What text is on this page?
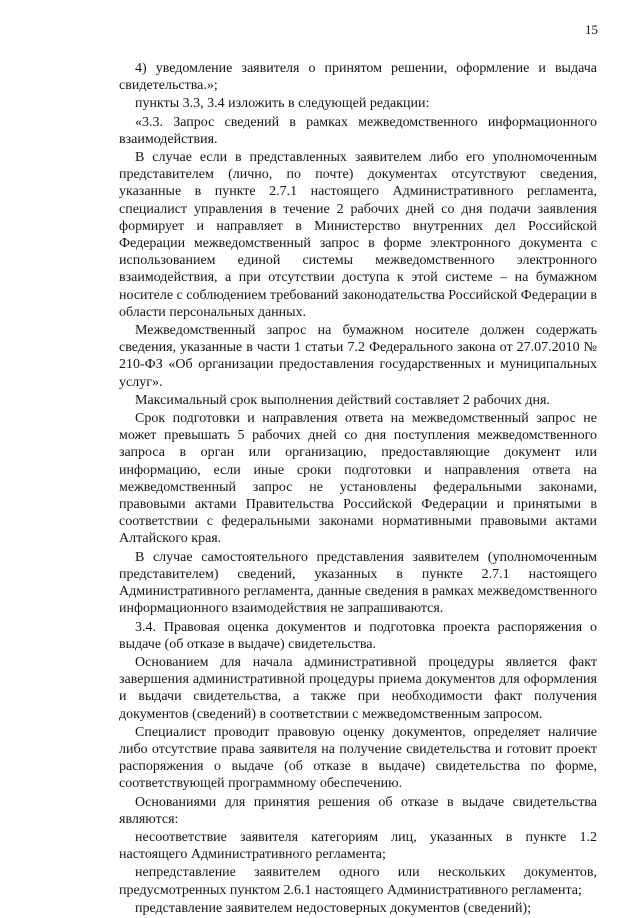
15

4) уведомление заявителя о принятом решении, оформление и выдача свидетельства.»;

пункты 3.3, 3.4 изложить в следующей редакции:

«3.3. Запрос сведений в рамках межведомственного информационного взаимодействия.

В случае если в представленных заявителем либо его уполномоченным представителем (лично, по почте) документах отсутствуют сведения, указанные в пункте 2.7.1 настоящего Административного регламента, специалист управления в течение 2 рабочих дней со дня подачи заявления формирует и направляет в Министерство внутренних дел Российской Федерации межведомственный запрос в форме электронного документа с использованием единой системы межведомственного электронного взаимодействия, а при отсутствии доступа к этой системе – на бумажном носителе с соблюдением требований законодательства Российской Федерации в области персональных данных.

Межведомственный запрос на бумажном носителе должен содержать сведения, указанные в части 1 статьи 7.2 Федерального закона от 27.07.2010 № 210-ФЗ «Об организации предоставления государственных и муниципальных услуг».

Максимальный срок выполнения действий составляет 2 рабочих дня.

Срок подготовки и направления ответа на межведомственный запрос не может превышать 5 рабочих дней со дня поступления межведомственного запроса в орган или организацию, предоставляющие документ или информацию, если иные сроки подготовки и направления ответа на межведомственный запрос не установлены федеральными законами, правовыми актами Правительства Российской Федерации и принятыми в соответствии с федеральными законами нормативными правовыми актами Алтайского края.

В случае самостоятельного представления заявителем (уполномоченным представителем) сведений, указанных в пункте 2.7.1 настоящего Административного регламента, данные сведения в рамках межведомственного информационного взаимодействия не запрашиваются.

3.4. Правовая оценка документов и подготовка проекта распоряжения о выдаче (об отказе в выдаче) свидетельства.

Основанием для начала административной процедуры является факт завершения административной процедуры приема документов для оформления и выдачи свидетельства, а также при необходимости факт получения документов (сведений) в соответствии с межведомственным запросом.

Специалист проводит правовую оценку документов, определяет наличие либо отсутствие права заявителя на получение свидетельства и готовит проект распоряжения о выдаче (об отказе в выдаче) свидетельства по форме, соответствующей программному обеспечению.

Основаниями для принятия решения об отказе в выдаче свидетельства являются:

несоответствие заявителя категориям лиц, указанных в пункте 1.2 настоящего Административного регламента;

непредставление заявителем одного или нескольких документов, предусмотренных пунктом 2.6.1 настоящего Административного регламента;

представление заявителем недостоверных документов (сведений);
